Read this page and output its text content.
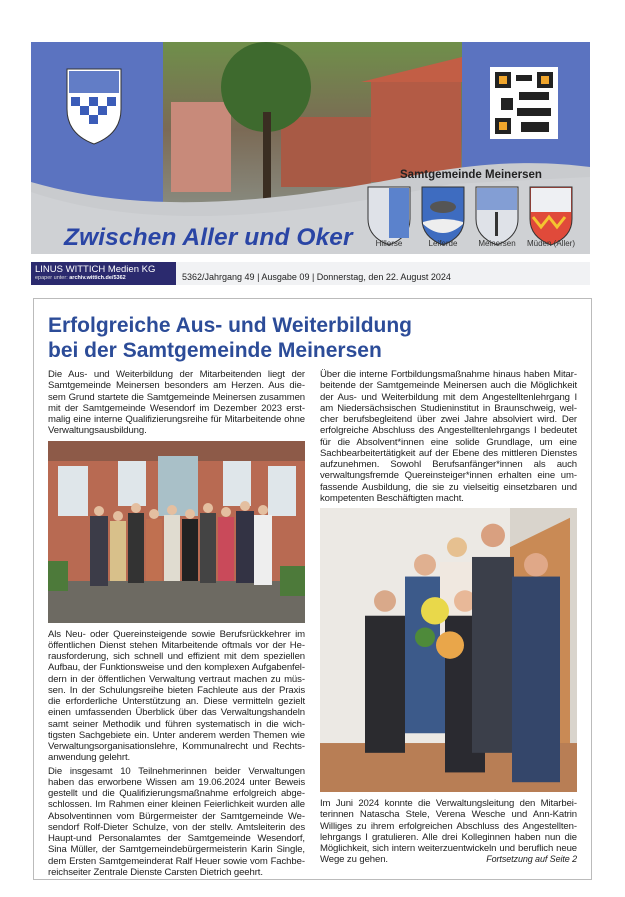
Zwischen Aller und Oker
Samtgemeinde Meinersen
Hillerse	Leiferde	Meinersen	Müden (Aller)
LINUS WITTICH Medien KG
epaper unter: archiv.wittich.de/5362	5362/Jahrgang 49 | Ausgabe 09 | Donnerstag, den 22. August 2024
Erfolgreiche Aus- und Weiterbildung
bei der Samtgemeinde Meinersen

Die Aus- und Weiterbildung der Mitarbeitenden liegt der Samtgemeinde Meinersen besonders am Herzen. Aus diesem Grund startete die Samtgemeinde Meinersen zusammen mit der Samtgemeinde Wesendorf im Dezember 2023 erstmalig eine interne Qualifizierungsreihe für Mitarbeitende ohne Verwaltungsausbildung.

Als Neu- oder Quereinsteigende sowie Berufsrückkehrer im öffentlichen Dienst stehen Mitarbeitende oftmals vor der Herausforderung, sich schnell und effizient mit dem speziellen Aufbau, der Funktionsweise und den komplexen Aufgabenfeldern in der öffentlichen Verwaltung vertraut machen zu müssen. In der Schulungsreihe bieten Fachleute aus der Praxis die erforderliche Unterstützung an. Diese vermitteln gezielt einen umfassenden Überblick über das Verwaltungshandeln samt seiner Methodik und führen systematisch in die wichtigsten Sachgebiete ein. Unter anderem werden Themen wie Verwaltungsorganisationslehre, Kommunalrecht und Rechtsanwendung gelehrt.

Die insgesamt 10 Teilnehmerinnen beider Verwaltungen haben das erworbene Wissen am 19.06.2024 unter Beweis gestellt und die Qualifizierungsmaßnahme erfolgreich abgeschlossen. Im Rahmen einer kleinen Feierlichkeit wurden alle Absolventinnen vom Bürgermeister der Samtgemeinde Wesendorf Rolf-Dieter Schulze, von der stellv. Amtsleiterin des Haupt-und Personalamtes der Samtgemeinde Wesendorf, Sina Müller, der Samtgemeindebürgermeisterin Karin Single, dem Ersten Samtgemeinderat Ralf Heuer sowie vom Fachbereichseiter Zentrale Dienste Carsten Dietrich geehrt.

Über die interne Fortbildungsmaßnahme hinaus haben Mitarbeitende der Samtgemeinde Meinersen auch die Möglichkeit der Aus- und Weiterbildung mit dem Angestelltenlehrgang I am Niedersächsischen Studieninstitut in Braunschweig, welcher berufsbegleitend über zwei Jahre absolviert wird. Der erfolgreiche Abschluss des Angestelltenlehrgangs I bedeutet für die Absolvent*innen eine solide Grundlage, um eine Sachbearbeitertätigkeit auf der Ebene des mittleren Dienstes aufzunehmen. Sowohl Berufsanfänger*innen als auch verwaltungsfremde Quereinsteiger*innen erhalten eine umfassende Ausbildung, die sie zu vielseitig einsetzbaren und kompetenten Beschäftigten macht.

Im Juni 2024 konnte die Verwaltungsleitung den Mitarbeiterinnen Natascha Stele, Verena Wesche und Ann-Katrin Williges zu ihrem erfolgreichen Abschluss des Angestelltenlehrgangs I gratulieren. Alle drei Kolleginnen haben nun die Möglichkeit, sich intern weiterzuentwickeln und beruflich neue Wege zu gehen.	Fortsetzung auf Seite 2
